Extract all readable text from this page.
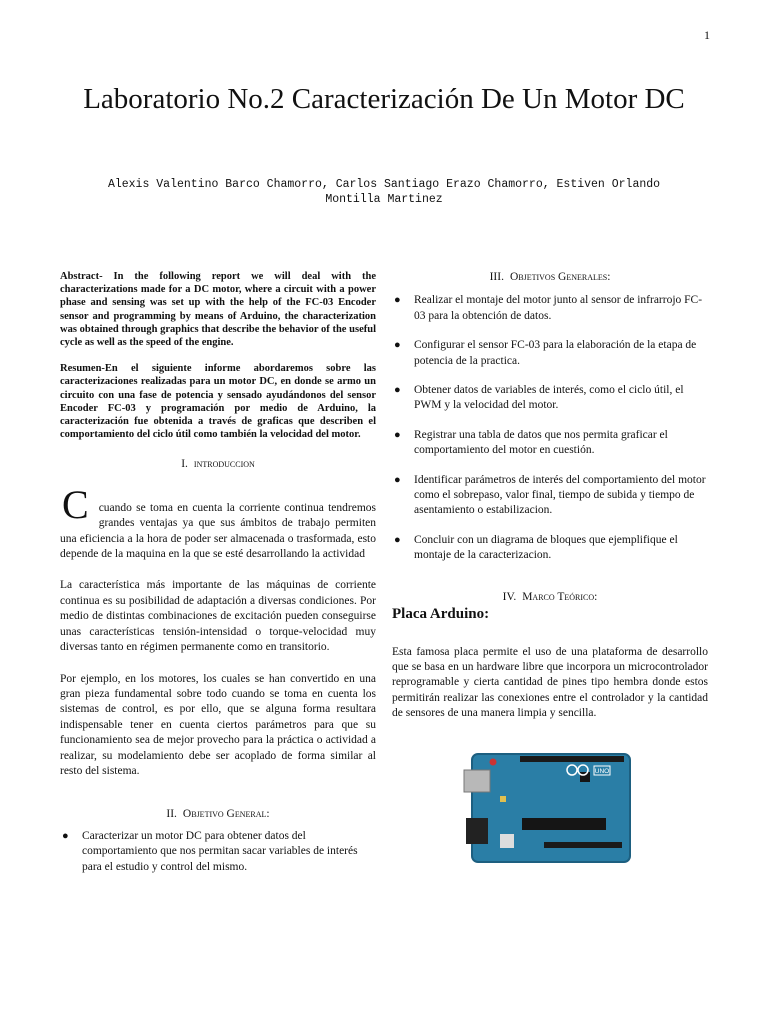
1
Laboratorio No.2 Caracterización De Un Motor DC
Alexis Valentino Barco Chamorro, Carlos Santiago Erazo Chamorro, Estiven Orlando Montilla Martinez

Abstract- In the following report we will deal with the characterizations made for a DC motor, where a circuit with a power phase and sensing was set up with the help of the FC-03 Encoder sensor and programming by means of Arduino, the characterization was obtained through graphics that describe the behavior of the useful cycle as well as the speed of the engine.

Resumen-En el siguiente informe abordaremos sobre las caracterizaciones realizadas para un motor DC, en donde se armo un circuito con una fase de potencia y sensado ayudándonos del sensor Encoder FC-03 y programación por medio de Arduino, la caracterización fue obtenida a través de graficas que describen el comportamiento del ciclo útil como también la velocidad del motor.

I. introduccion

C cuando se toma en cuenta la corriente continua tendremos grandes ventajas ya que sus ámbitos de trabajo permiten una eficiencia a la hora de poder ser almacenada o trasformada, esto depende de la maquina en la que se esté desarrollando la actividad

La característica más importante de las máquinas de corriente continua es su posibilidad de adaptación a diversas condiciones. Por medio de distintas combinaciones de excitación pueden conseguirse unas características tensión-intensidad o torque-velocidad muy diversas tanto en régimen permanente como en transitorio.

Por ejemplo, en los motores, los cuales se han convertido en una gran pieza fundamental sobre todo cuando se toma en cuenta los sistemas de control, es por ello, que se alguna forma resultara indispensable tener en cuenta ciertos parámetros para que su funcionamiento sea de mejor provecho para la práctica o actividad a realizar, su modelamiento debe ser acoplado de forma similar al resto del sistema.

II. Objetivo General:

●	Caracterizar un motor DC para obtener datos del comportamiento que nos permitan sacar variables de interés para el estudio y control del mismo.

III. Objetivos Generales:

●	Realizar el montaje del motor junto al sensor de infrarrojo FC-03 para la obtención de datos.
●	Configurar el sensor FC-03 para la elaboración de la etapa de potencia de la practica.
●	Obtener datos de variables de interés, como el ciclo útil, el PWM y la velocidad del motor.
●	Registrar una tabla de datos que nos permita graficar el comportamiento del motor en cuestión.
●	Identificar parámetros de interés del comportamiento del motor como el sobrepaso, valor final, tiempo de subida y tiempo de asentamiento o estabilizacion.
●	Concluir con un diagrama de bloques que ejemplifique el montaje de la caracterizacion.

IV. Marco Teórico:

Placa Arduino:

Esta famosa placa permite el uso de una plataforma de desarrollo que se basa en un hardware libre que incorpora un microcontrolador reprogramable y cierta cantidad de pines tipo hembra donde estos permitirán realizar las conexiones entre el controlador y la cantidad de sensores de una manera limpia y sencilla.

UNO
